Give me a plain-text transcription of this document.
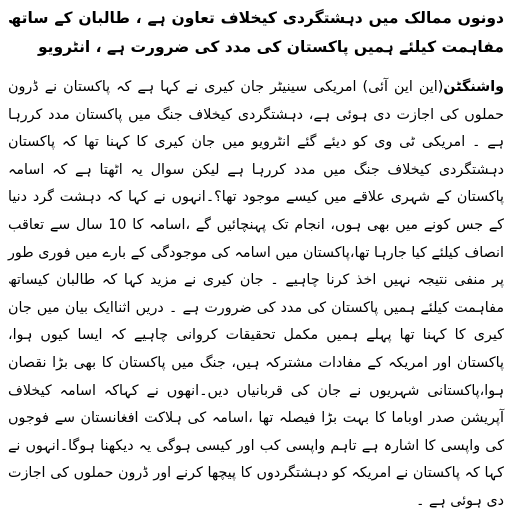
دونوں ممالک میں دہشتگردی کیخلاف تعاون ہے ، طالبان کے ساتھ مفاہمت کیلئے ہمیں پاکستان کی مدد کی ضرورت ہے ، انٹرویو

واشنگٹن(این این آئی) امریکی سینیٹر جان کیری نے کہا ہے کہ پاکستان نے ڈرون حملوں کی اجازت دی ہوئی ہے، دہشتگردی کیخلاف جنگ میں پاکستان مدد کررہا ہے ۔ امریکی ٹی وی کو دیئے گئے انٹرویو میں جان کیری کا کہنا تھا کہ پاکستان دہشتگردی کیخلاف جنگ میں مدد کررہا ہے لیکن سوال یہ اٹھتا ہے کہ اسامہ پاکستان کے شہری علاقے میں کیسے موجود تھا؟۔انہوں نے کہا کہ دہشت گرد دنیا کے جس کونے میں بھی ہوں، انجام تک پہنچائیں گے ،اسامہ کا 10 سال سے تعاقب انصاف کیلئے کیا جارہا تھا،پاکستان میں اسامہ کی موجودگی کے بارے میں فوری طور پر منفی نتیجہ نہیں اخذ کرنا چاہیے ۔ جان کیری نے مزید کہا کہ طالبان کیساتھ مفاہمت کیلئے ہمیں پاکستان کی مدد کی ضرورت ہے ۔ دریں اثناایک بیان میں جان کیری کا کہنا تھا پہلے ہمیں مکمل تحقیقات کروانی چاہیے کہ ایسا کیوں ہوا، پاکستان اور امریکہ کے مفادات مشترکہ ہیں، جنگ میں پاکستان کا بھی بڑا نقصان ہوا،پاکستانی شہریوں نے جان کی قربانیاں دیں۔انھوں نے کہاکہ اسامہ کیخلاف آپریشن صدر اوباما کا بہت بڑا فیصلہ تھا ،اسامہ کی ہلاکت افغانستان سے فوجوں کی واپسی کا اشارہ ہے تاہم واپسی کب اور کیسی ہوگی یہ دیکھنا ہوگا۔انہوں نے کہا کہ پاکستان نے امریکہ کو دہشتگردوں کا پیچھا کرنے اور ڈرون حملوں کی اجازت دی ہوئی ہے ۔
